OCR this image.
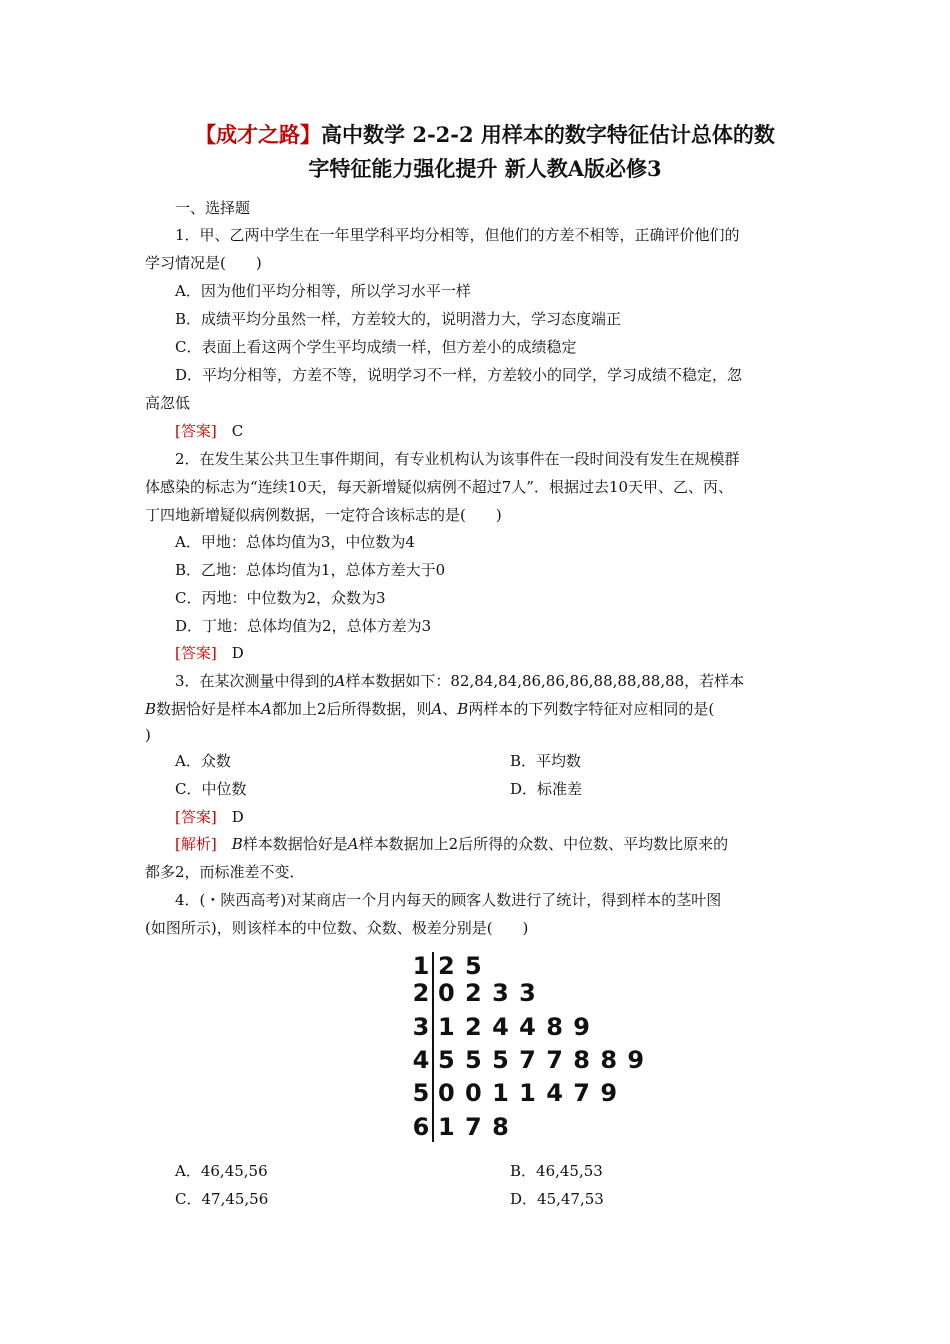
【成才之路】高中数学 2-2-2 用样本的数字特征估计总体的数
字特征能力强化提升 新人教A版必修3
一、选择题
1．甲、乙两中学生在一年里学科平均分相等，但他们的方差不相等，正确评价他们的
学习情况是(　　)
A．因为他们平均分相等，所以学习水平一样
B．成绩平均分虽然一样，方差较大的，说明潜力大，学习态度端正
C．表面上看这两个学生平均成绩一样，但方差小的成绩稳定
D．平均分相等，方差不等，说明学习不一样，方差较小的同学，学习成绩不稳定，忽
高忽低
[答案]　 C
2．在发生某公共卫生事件期间，有专业机构认为该事件在一段时间没有发生在规模群
体感染的标志为“连续10天，每天新增疑似病例不超过7人”．根据过去10天甲、乙、丙、
丁四地新增疑似病例数据，一定符合该标志的是(　　)
A．甲地：总体均值为3，中位数为4
B．乙地：总体均值为1，总体方差大于0
C．丙地：中位数为2，众数为3
D．丁地：总体均值为2，总体方差为3
[答案]　 D
3．在某次测量中得到的A样本数据如下：82,84,84,86,86,86,88,88,88,88，若样本
B数据恰好是样本A都加上2后所得数据，则A、B两样本的下列数字特征对应相同的是(
)
A．众数	B．平均数
C．中位数	D．标准差
[答案]　 D
[解析]　 B样本数据恰好是A样本数据加上2后所得的众数、中位数、平均数比原来的
都多2，而标准差不变．
4．(・陕西高考)对某商店一个月内每天的顾客人数进行了统计，得到样本的茎叶图
(如图所示)，则该样本的中位数、众数、极差分别是(　　)
1 2 5
2 0 2 3 3
3 1 2 4 4 8 9
4 5 5 5 7 7 8 8 9
5 0 0 1 1 4 7 9
6 1 7 8
A．46,45,56	B．46,45,53
C．47,45,56	D．45,47,53
